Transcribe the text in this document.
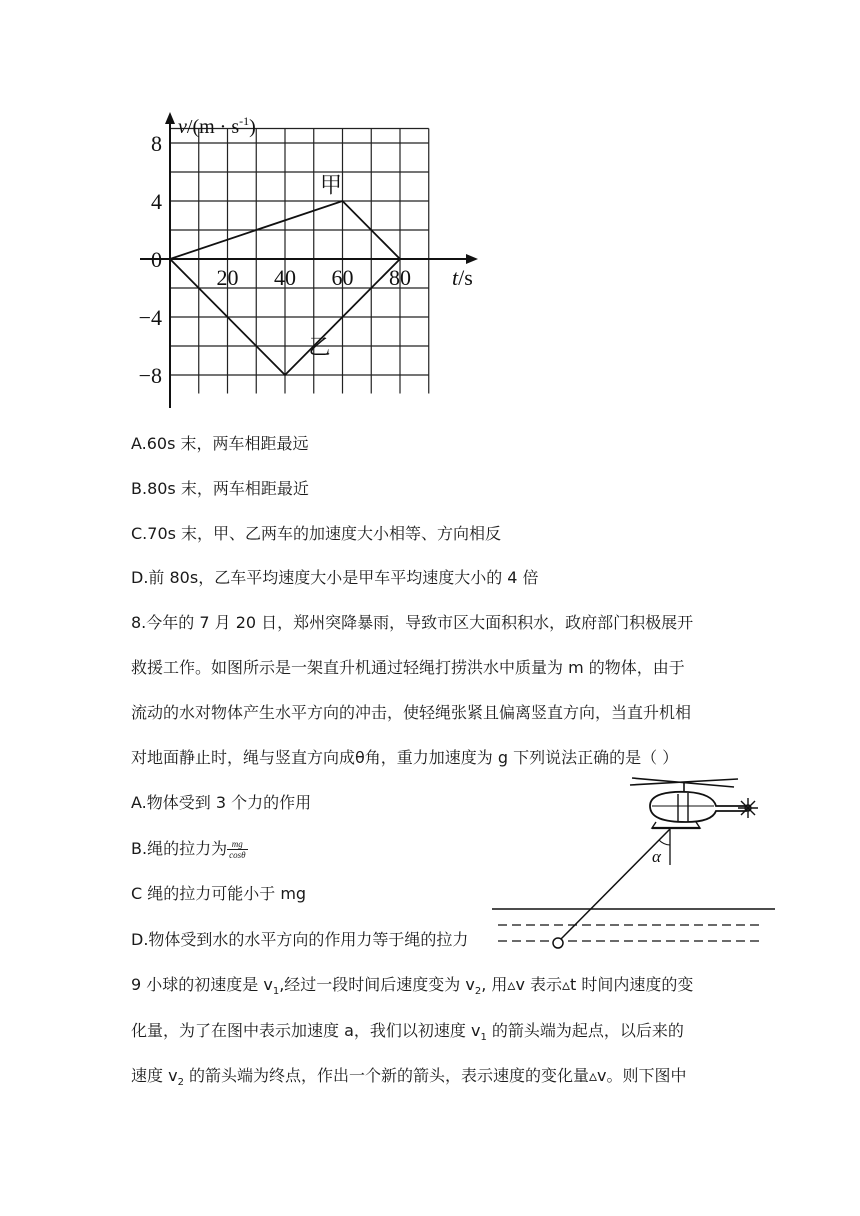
20 40 60 80
8
4
0
−4
−8
甲
乙
$v/(m \cdot s^{-1})$
t/s
A.60s 末，两车相距最远
B.80s 末，两车相距最近
C.70s 末，甲、乙两车的加速度大小相等、方向相反
D.前 80s，乙车平均速度大小是甲车平均速度大小的 4 倍
8.今年的 7 月 20 日，郑州突降暴雨，导致市区大面积积水，政府部门积极展开
救援工作。如图所示是一架直升机通过轻绳打捞洪水中质量为 m 的物体，由于
流动的水对物体产生水平方向的冲击，使轻绳张紧且偏离竖直方向，当直升机相
对地面静止时，绳与竖直方向成θ角，重力加速度为 g 下列说法正确的是（ ）
A.物体受到 3 个力的作用
B.绳的拉力为 $\frac{mg}{\cos\theta}$
C 绳的拉力可能小于 mg
D.物体受到水的水平方向的作用力等于绳的拉力
α
9 小球的初速度是 $v_1$,经过一段时间后速度变为 $v_2$, 用▵v 表示▵t 时间内速度的变
化量，为了在图中表示加速度 a，我们以初速度 $v_1$ 的箭头端为起点，以后来的
速度 $v_2$ 的箭头端为终点，作出一个新的箭头，表示速度的变化量▵v。则下图中
